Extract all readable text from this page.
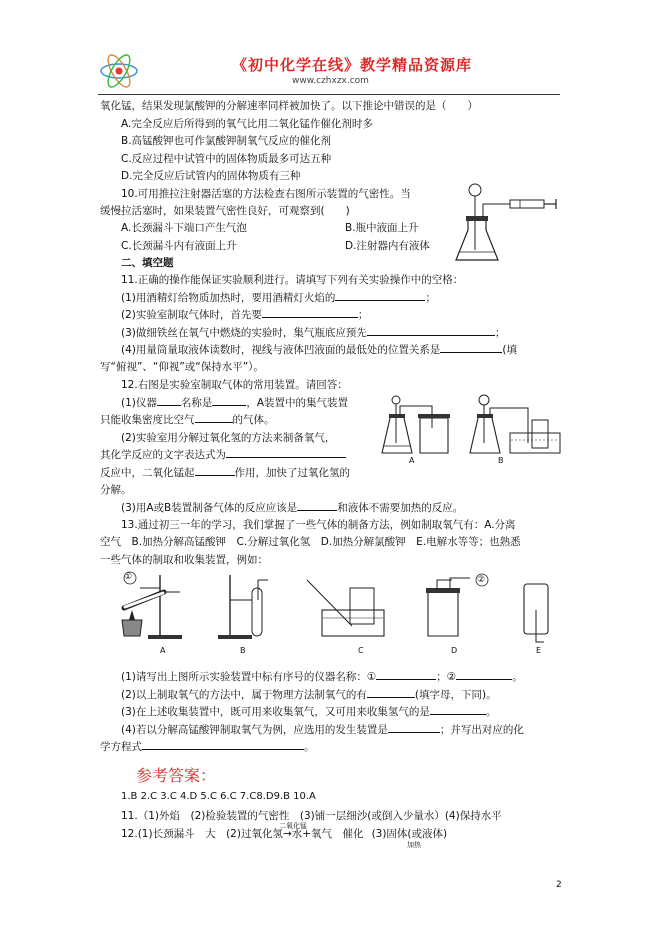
《初中化学在线》教学精品资源库
www.czhxzx.com
氧化锰，结果发现氯酸钾的分解速率同样被加快了。以下推论中错误的是（　　）
A.完全反应后所得到的氧气比用二氧化锰作催化剂时多
B.高锰酸钾也可作氯酸钾制氧气反应的催化剂
C.反应过程中试管中的固体物质最多可达五种
D.完全反应后试管内的固体物质有三种
10.可用推拉注射器活塞的方法检查右图所示装置的气密性。当
缓慢拉活塞时，如果装置气密性良好，可观察到(　　)
A.长颈漏斗下端口产生气泡	B.瓶中液面上升
C.长颈漏斗内有液面上升	D.注射器内有液体
二、填空题
11.正确的操作能保证实验顺利进行。请填写下列有关实验操作中的空格：
(1)用酒精灯给物质加热时，要用酒精灯火焰的	；
(2)实验室制取气体时，首先要	；
(3)做细铁丝在氧气中燃烧的实验时，集气瓶底应预先	；
(4)用量筒量取液体读数时，视线与液体凹液面的最低处的位置关系是	(填
写“俯视”、“仰视”或“保持水平”）。
12.右图是实验室制取气体的常用装置。请回答：
(1)仪器 名称是	，A装置中的集气装置
只能收集密度比空气	的气体。
(2)实验室用分解过氧化氢的方法来制备氧气，
其化学反应的文字表达式为
反应中，二氧化锰起	作用，加快了过氧化氢的
分解。
(3)用A或B装置制备气体的反应应该是	和液体不需要加热的反应。
A	B
13.通过初三一年的学习，我们掌握了一些气体的制备方法，例如制取氧气有：A.分离
空气　B.加热分解高锰酸钾　C.分解过氧化氢　D.加热分解氯酸钾　E.电解水等等；也熟悉
一些气体的制取和收集装置，例如：
①	②
A	B	C	D	E
(1)请写出上图所示实验装置中标有序号的仪器名称：①	；②	。
(2)以上制取氧气的方法中，属于物理方法制氧气的有	(填字母，下同)。
(3)在上述收集装置中，既可用来收集氧气，又可用来收集氢气的是	。
(4)若以分解高锰酸钾制取氧气为例，应选用的发生装置是	；并写出对应的化
学方程式	。
参考答案：
1.B 2.C 3.C 4.D 5.C 6.C 7.C8.D9.B 10.A
11.（1)外焰　(2)检验装置的气密性　(3)铺一层细沙(或倒入少量水）(4)保持水平
12.(1)长颈漏斗　大　(2)过氧化氢
二氧化锰
→水+氧气　催化 (3)固体(或液体)
加热
2
